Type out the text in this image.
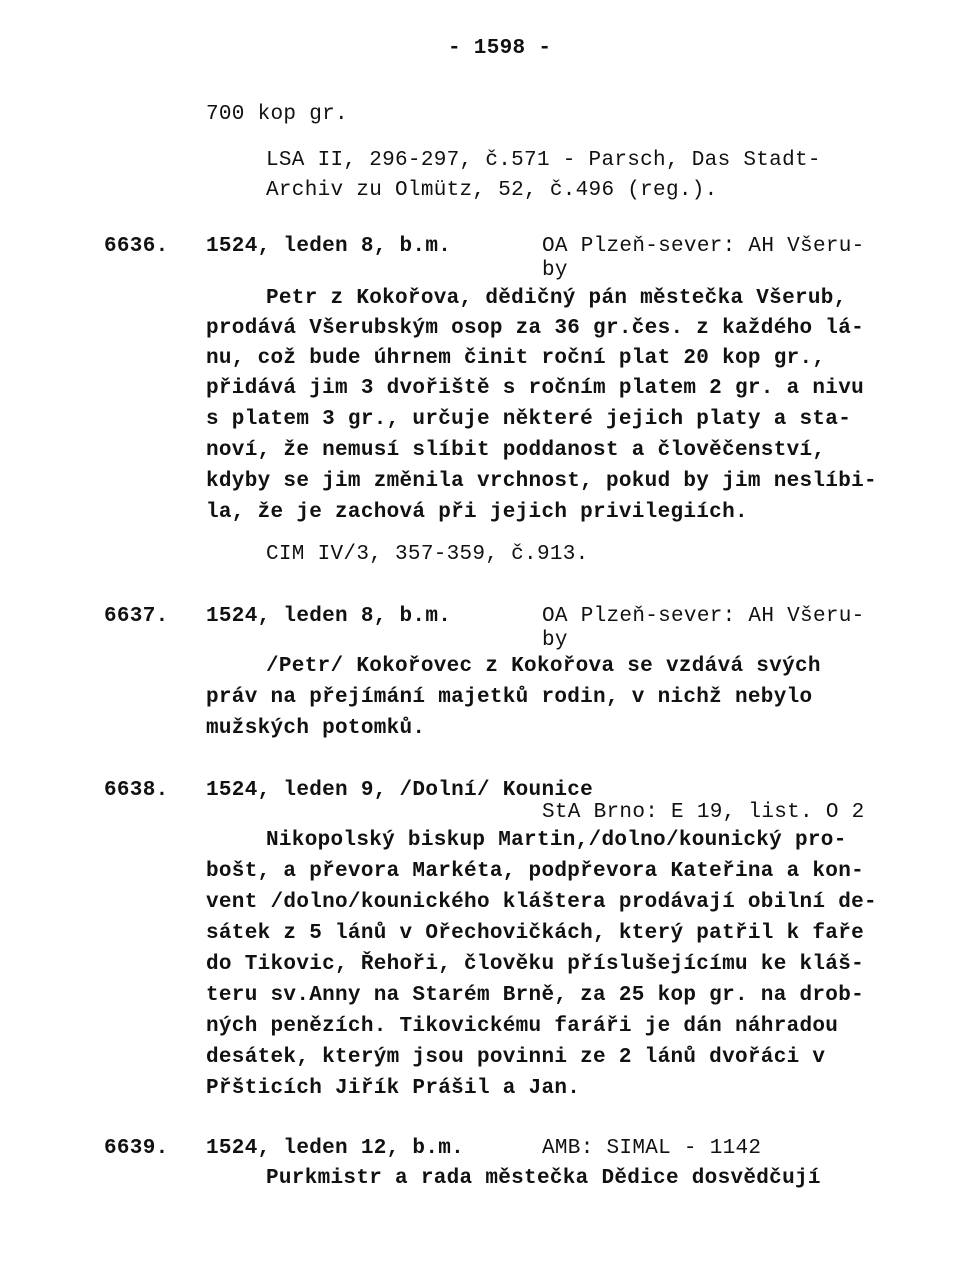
- 1598 -
700 kop gr.
LSA II, 296-297, č.571 - Parsch, Das Stadt-
Archiv zu Olmütz, 52, č.496 (reg.).
6636. 1524, leden 8, b.m.	OA Plzeň-sever: AH Všeru-
by
Petr z Kokořova, dědičný pán městečka Všerub,
prodává Všerubským osop za 36 gr.čes. z každého lá-
nu, což bude úhrnem činit roční plat 20 kop gr.,
přidává jim 3 dvořiště s ročním platem 2 gr. a nivu
s platem 3 gr., určuje některé jejich platy a sta-
noví, že nemusí slíbit poddanost a člověčenství,
kdyby se jim změnila vrchnost, pokud by jim neslíbi-
la, že je zachová při jejich privilegiích.
CIM IV/3, 357-359, č.913.
6637. 1524, leden 8, b.m.	OA Plzeň-sever: AH Všeru-
by
/Petr/ Kokořovec z Kokořova se vzdává svých
práv na přejímání majetků rodin, v nichž nebylo
mužských potomků.
6638. 1524, leden 9, /Dolní/ Kounice
StA Brno: E 19, list. O 2
Nikopolský biskup Martin,/dolno/kounický pro-
bošt, a převora Markéta, podpřevora Kateřina a kon-
vent /dolno/kounického kláštera prodávají obilní de-
sátek z 5 lánů v Ořechovičkách, který patřil k faře
do Tikovic, Řehoři, člověku příslušejícímu ke kláš-
teru sv.Anny na Starém Brně, za 25 kop gr. na drob-
ných penězích. Tikovickému faráři je dán náhradou
desátek, kterým jsou povinni ze 2 lánů dvořáci v
Přšticích Jiřík Prášil a Jan.
6639. 1524, leden 12, b.m.	AMB: SIMAL - 1142
Purkmistr a rada městečka Dědice dosvědčují
